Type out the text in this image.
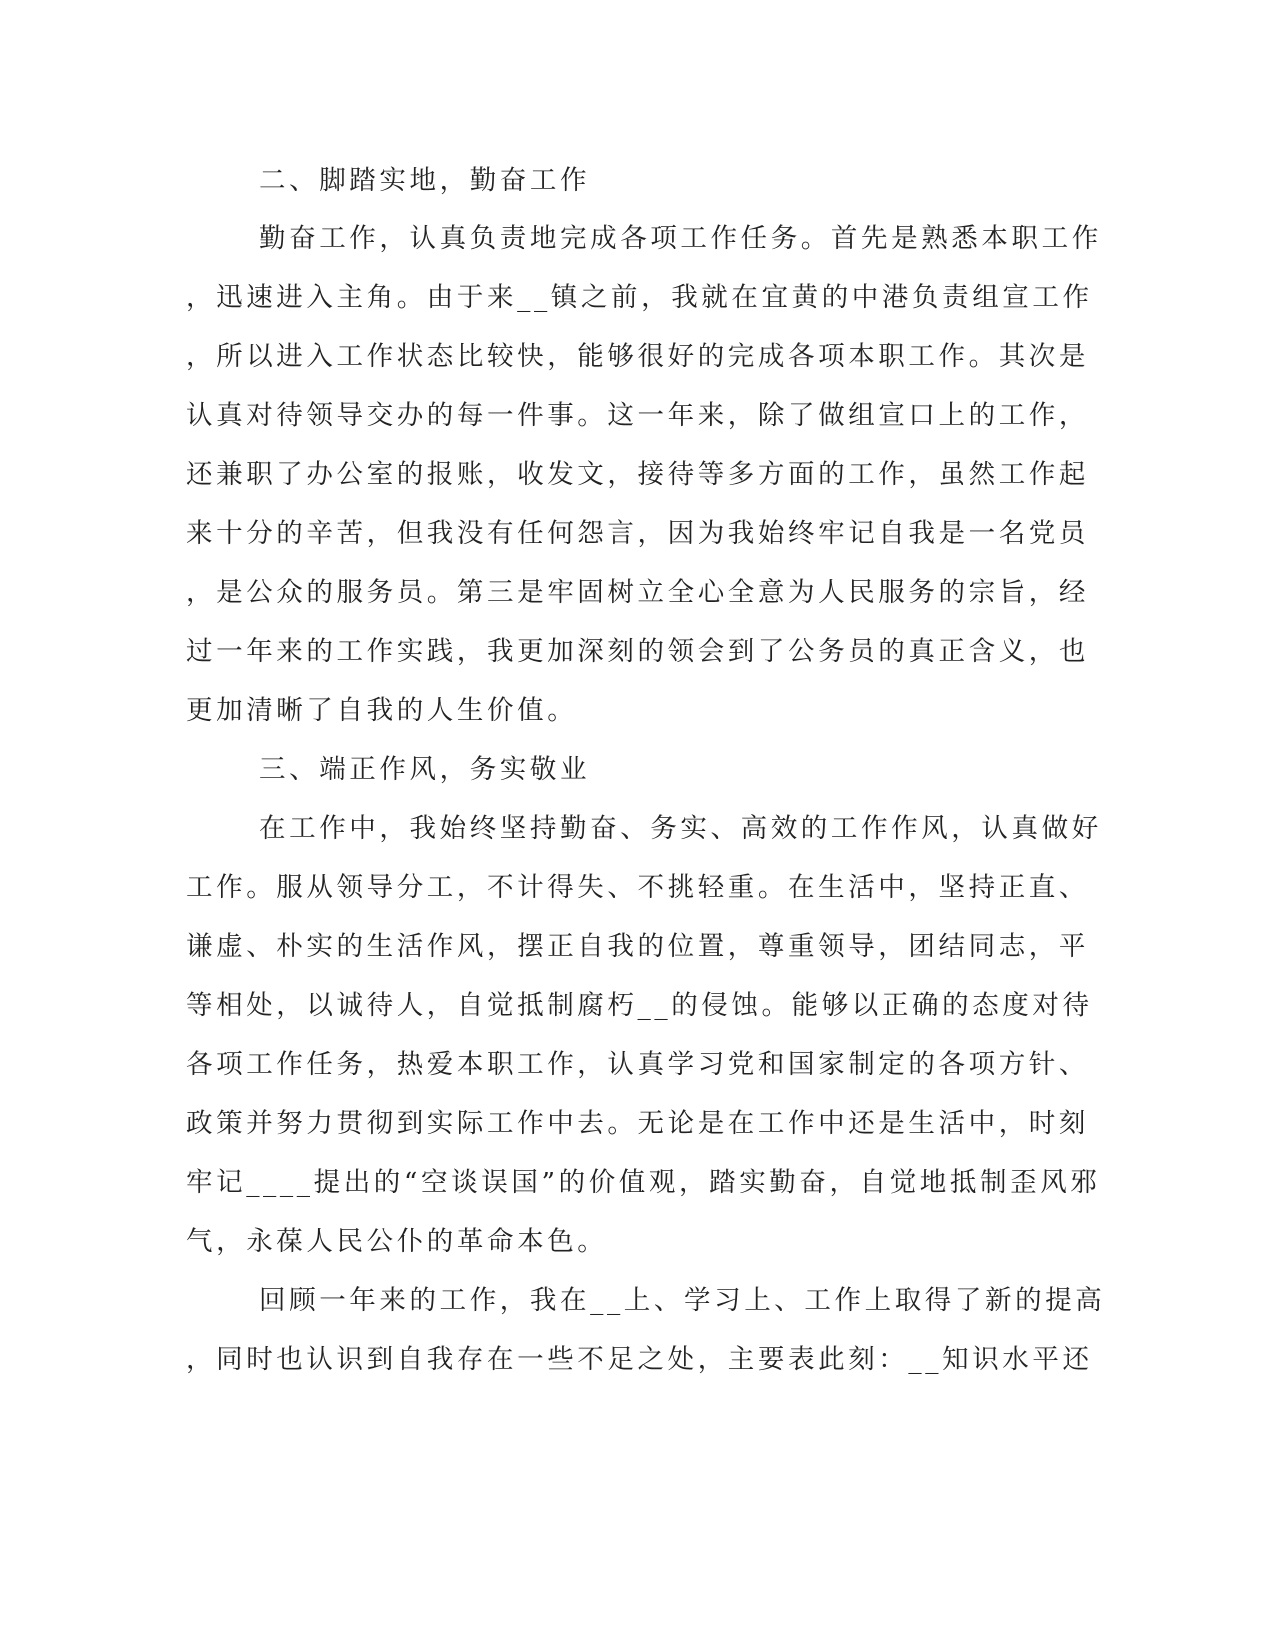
二、脚踏实地，勤奋工作
勤奋工作，认真负责地完成各项工作任务。首先是熟悉本职工作
，迅速进入主角。由于来__镇之前，我就在宜黄的中港负责组宣工作
，所以进入工作状态比较快，能够很好的完成各项本职工作。其次是
认真对待领导交办的每一件事。这一年来，除了做组宣口上的工作，
还兼职了办公室的报账，收发文，接待等多方面的工作，虽然工作起
来十分的辛苦，但我没有任何怨言，因为我始终牢记自我是一名党员
，是公众的服务员。第三是牢固树立全心全意为人民服务的宗旨，经
过一年来的工作实践，我更加深刻的领会到了公务员的真正含义，也
更加清晰了自我的人生价值。
三、端正作风，务实敬业
在工作中，我始终坚持勤奋、务实、高效的工作作风，认真做好
工作。服从领导分工，不计得失、不挑轻重。在生活中，坚持正直、
谦虚、朴实的生活作风，摆正自我的位置，尊重领导，团结同志，平
等相处，以诚待人，自觉抵制腐朽__的侵蚀。能够以正确的态度对待
各项工作任务，热爱本职工作，认真学习党和国家制定的各项方针、
政策并努力贯彻到实际工作中去。无论是在工作中还是生活中，时刻
牢记____提出的“空谈误国”的价值观，踏实勤奋，自觉地抵制歪风邪
气，永葆人民公仆的革命本色。
回顾一年来的工作，我在__上、学习上、工作上取得了新的提高
，同时也认识到自我存在一些不足之处，主要表此刻：__知识水平还
